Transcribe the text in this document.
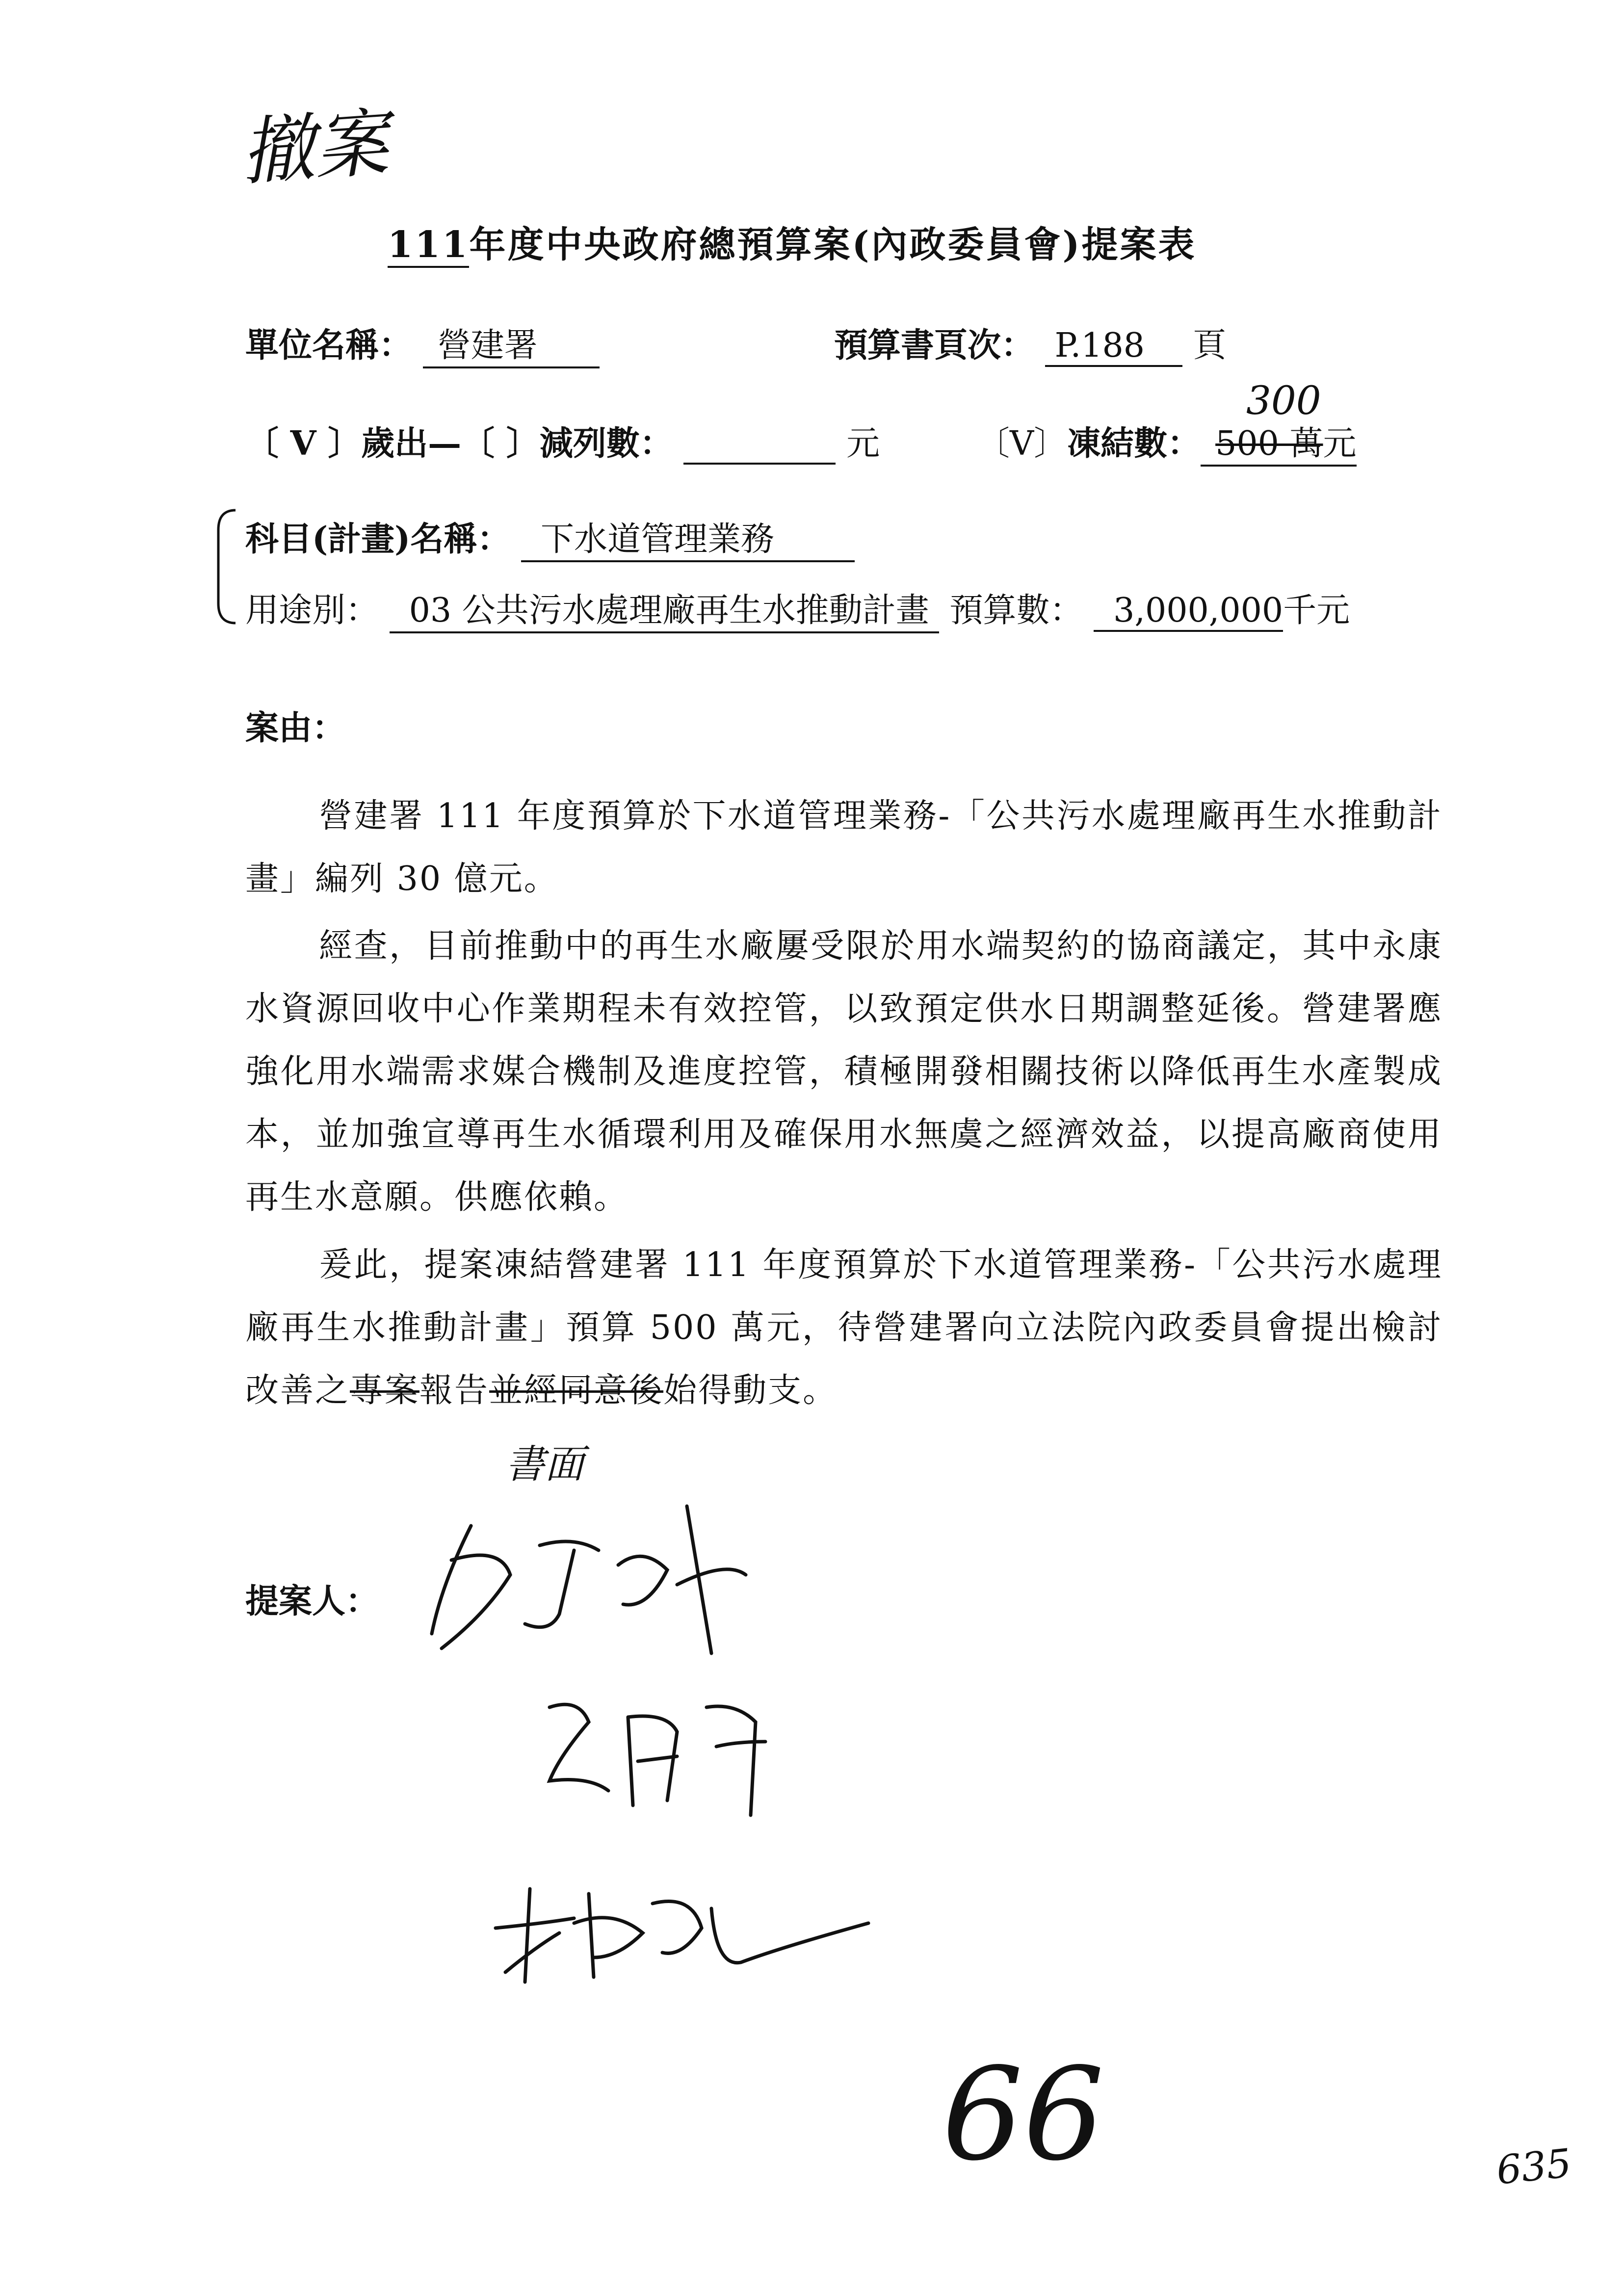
撤案
111年度中央政府總預算案(內政委員會)提案表
單位名稱： 營建署	預算書頁次： P.188 頁
300
〔 V 〕歲出—〔 〕減列數：	元	〔V〕凍結數： 500 萬元
科目(計畫)名稱： 下水道管理業務
用途別： 03 公共污水處理廠再生水推動計畫 預算數： 3,000,000千元
案由：
營建署 111 年度預算於下水道管理業務-「公共污水處理廠再生水推動計畫」編列 30 億元。
經查，目前推動中的再生水廠屢受限於用水端契約的協商議定，其中永康水資源回收中心作業期程未有效控管，以致預定供水日期調整延後。營建署應強化用水端需求媒合機制及進度控管，積極開發相關技術以降低再生水產製成本，並加強宣導再生水循環利用及確保用水無虞之經濟效益，以提高廠商使用再生水意願。供應依賴。
爰此，提案凍結營建署 111 年度預算於下水道管理業務-「公共污水處理廠再生水推動計畫」預算 500 萬元，待營建署向立法院內政委員會提出檢討改善之專案報告並經同意後始得動支。
書面
提案人：
66	635
